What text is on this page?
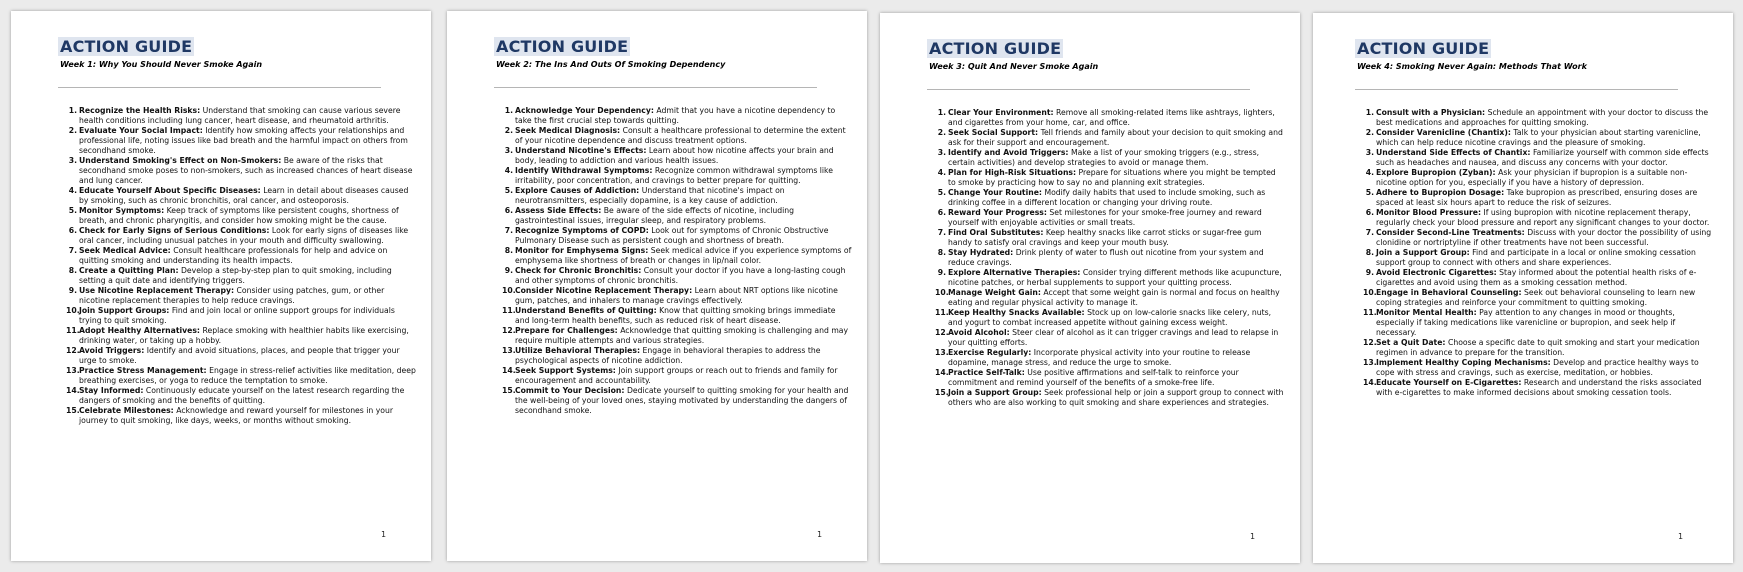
ACTION GUIDE
Week 1: Why You Should Never Smoke Again
1. Recognize the Health Risks: Understand that smoking can cause various severe health conditions including lung cancer, heart disease, and rheumatoid arthritis.
2. Evaluate Your Social Impact: Identify how smoking affects your relationships and professional life, noting issues like bad breath and the harmful impact on others from secondhand smoke.
3. Understand Smoking's Effect on Non-Smokers: Be aware of the risks that secondhand smoke poses to non-smokers, such as increased chances of heart disease and lung cancer.
4. Educate Yourself About Specific Diseases: Learn in detail about diseases caused by smoking, such as chronic bronchitis, oral cancer, and osteoporosis.
5. Monitor Symptoms: Keep track of symptoms like persistent coughs, shortness of breath, and chronic pharyngitis, and consider how smoking might be the cause.
6. Check for Early Signs of Serious Conditions: Look for early signs of diseases like oral cancer, including unusual patches in your mouth and difficulty swallowing.
7. Seek Medical Advice: Consult healthcare professionals for help and advice on quitting smoking and understanding its health impacts.
8. Create a Quitting Plan: Develop a step-by-step plan to quit smoking, including setting a quit date and identifying triggers.
9. Use Nicotine Replacement Therapy: Consider using patches, gum, or other nicotine replacement therapies to help reduce cravings.
10. Join Support Groups: Find and join local or online support groups for individuals trying to quit smoking.
11. Adopt Healthy Alternatives: Replace smoking with healthier habits like exercising, drinking water, or taking up a hobby.
12. Avoid Triggers: Identify and avoid situations, places, and people that trigger your urge to smoke.
13. Practice Stress Management: Engage in stress-relief activities like meditation, deep breathing exercises, or yoga to reduce the temptation to smoke.
14. Stay Informed: Continuously educate yourself on the latest research regarding the dangers of smoking and the benefits of quitting.
15. Celebrate Milestones: Acknowledge and reward yourself for milestones in your journey to quit smoking, like days, weeks, or months without smoking.
1
ACTION GUIDE
Week 2: The Ins And Outs Of Smoking Dependency
1. Acknowledge Your Dependency: Admit that you have a nicotine dependency to take the first crucial step towards quitting.
2. Seek Medical Diagnosis: Consult a healthcare professional to determine the extent of your nicotine dependence and discuss treatment options.
3. Understand Nicotine's Effects: Learn about how nicotine affects your brain and body, leading to addiction and various health issues.
4. Identify Withdrawal Symptoms: Recognize common withdrawal symptoms like irritability, poor concentration, and cravings to better prepare for quitting.
5. Explore Causes of Addiction: Understand that nicotine's impact on neurotransmitters, especially dopamine, is a key cause of addiction.
6. Assess Side Effects: Be aware of the side effects of nicotine, including gastrointestinal issues, irregular sleep, and respiratory problems.
7. Recognize Symptoms of COPD: Look out for symptoms of Chronic Obstructive Pulmonary Disease such as persistent cough and shortness of breath.
8. Monitor for Emphysema Signs: Seek medical advice if you experience symptoms of emphysema like shortness of breath or changes in lip/nail color.
9. Check for Chronic Bronchitis: Consult your doctor if you have a long-lasting cough and other symptoms of chronic bronchitis.
10. Consider Nicotine Replacement Therapy: Learn about NRT options like nicotine gum, patches, and inhalers to manage cravings effectively.
11. Understand Benefits of Quitting: Know that quitting smoking brings immediate and long-term health benefits, such as reduced risk of heart disease.
12. Prepare for Challenges: Acknowledge that quitting smoking is challenging and may require multiple attempts and various strategies.
13. Utilize Behavioral Therapies: Engage in behavioral therapies to address the psychological aspects of nicotine addiction.
14. Seek Support Systems: Join support groups or reach out to friends and family for encouragement and accountability.
15. Commit to Your Decision: Dedicate yourself to quitting smoking for your health and the well-being of your loved ones, staying motivated by understanding the dangers of secondhand smoke.
1
ACTION GUIDE
Week 3: Quit And Never Smoke Again
1. Clear Your Environment: Remove all smoking-related items like ashtrays, lighters, and cigarettes from your home, car, and office.
2. Seek Social Support: Tell friends and family about your decision to quit smoking and ask for their support and encouragement.
3. Identify and Avoid Triggers: Make a list of your smoking triggers (e.g., stress, certain activities) and develop strategies to avoid or manage them.
4. Plan for High-Risk Situations: Prepare for situations where you might be tempted to smoke by practicing how to say no and planning exit strategies.
5. Change Your Routine: Modify daily habits that used to include smoking, such as drinking coffee in a different location or changing your driving route.
6. Reward Your Progress: Set milestones for your smoke-free journey and reward yourself with enjoyable activities or small treats.
7. Find Oral Substitutes: Keep healthy snacks like carrot sticks or sugar-free gum handy to satisfy oral cravings and keep your mouth busy.
8. Stay Hydrated: Drink plenty of water to flush out nicotine from your system and reduce cravings.
9. Explore Alternative Therapies: Consider trying different methods like acupuncture, nicotine patches, or herbal supplements to support your quitting process.
10. Manage Weight Gain: Accept that some weight gain is normal and focus on healthy eating and regular physical activity to manage it.
11. Keep Healthy Snacks Available: Stock up on low-calorie snacks like celery, nuts, and yogurt to combat increased appetite without gaining excess weight.
12. Avoid Alcohol: Steer clear of alcohol as it can trigger cravings and lead to relapse in your quitting efforts.
13. Exercise Regularly: Incorporate physical activity into your routine to release dopamine, manage stress, and reduce the urge to smoke.
14. Practice Self-Talk: Use positive affirmations and self-talk to reinforce your commitment and remind yourself of the benefits of a smoke-free life.
15. Join a Support Group: Seek professional help or join a support group to connect with others who are also working to quit smoking and share experiences and strategies.
1
ACTION GUIDE
Week 4: Smoking Never Again: Methods That Work
1. Consult with a Physician: Schedule an appointment with your doctor to discuss the best medications and approaches for quitting smoking.
2. Consider Varenicline (Chantix): Talk to your physician about starting varenicline, which can help reduce nicotine cravings and the pleasure of smoking.
3. Understand Side Effects of Chantix: Familiarize yourself with common side effects such as headaches and nausea, and discuss any concerns with your doctor.
4. Explore Bupropion (Zyban): Ask your physician if bupropion is a suitable non-nicotine option for you, especially if you have a history of depression.
5. Adhere to Bupropion Dosage: Take bupropion as prescribed, ensuring doses are spaced at least six hours apart to reduce the risk of seizures.
6. Monitor Blood Pressure: If using bupropion with nicotine replacement therapy, regularly check your blood pressure and report any significant changes to your doctor.
7. Consider Second-Line Treatments: Discuss with your doctor the possibility of using clonidine or nortriptyline if other treatments have not been successful.
8. Join a Support Group: Find and participate in a local or online smoking cessation support group to connect with others and share experiences.
9. Avoid Electronic Cigarettes: Stay informed about the potential health risks of e-cigarettes and avoid using them as a smoking cessation method.
10. Engage in Behavioral Counseling: Seek out behavioral counseling to learn new coping strategies and reinforce your commitment to quitting smoking.
11. Monitor Mental Health: Pay attention to any changes in mood or thoughts, especially if taking medications like varenicline or bupropion, and seek help if necessary.
12. Set a Quit Date: Choose a specific date to quit smoking and start your medication regimen in advance to prepare for the transition.
13. Implement Healthy Coping Mechanisms: Develop and practice healthy ways to cope with stress and cravings, such as exercise, meditation, or hobbies.
14. Educate Yourself on E-Cigarettes: Research and understand the risks associated with e-cigarettes to make informed decisions about smoking cessation tools.
1
